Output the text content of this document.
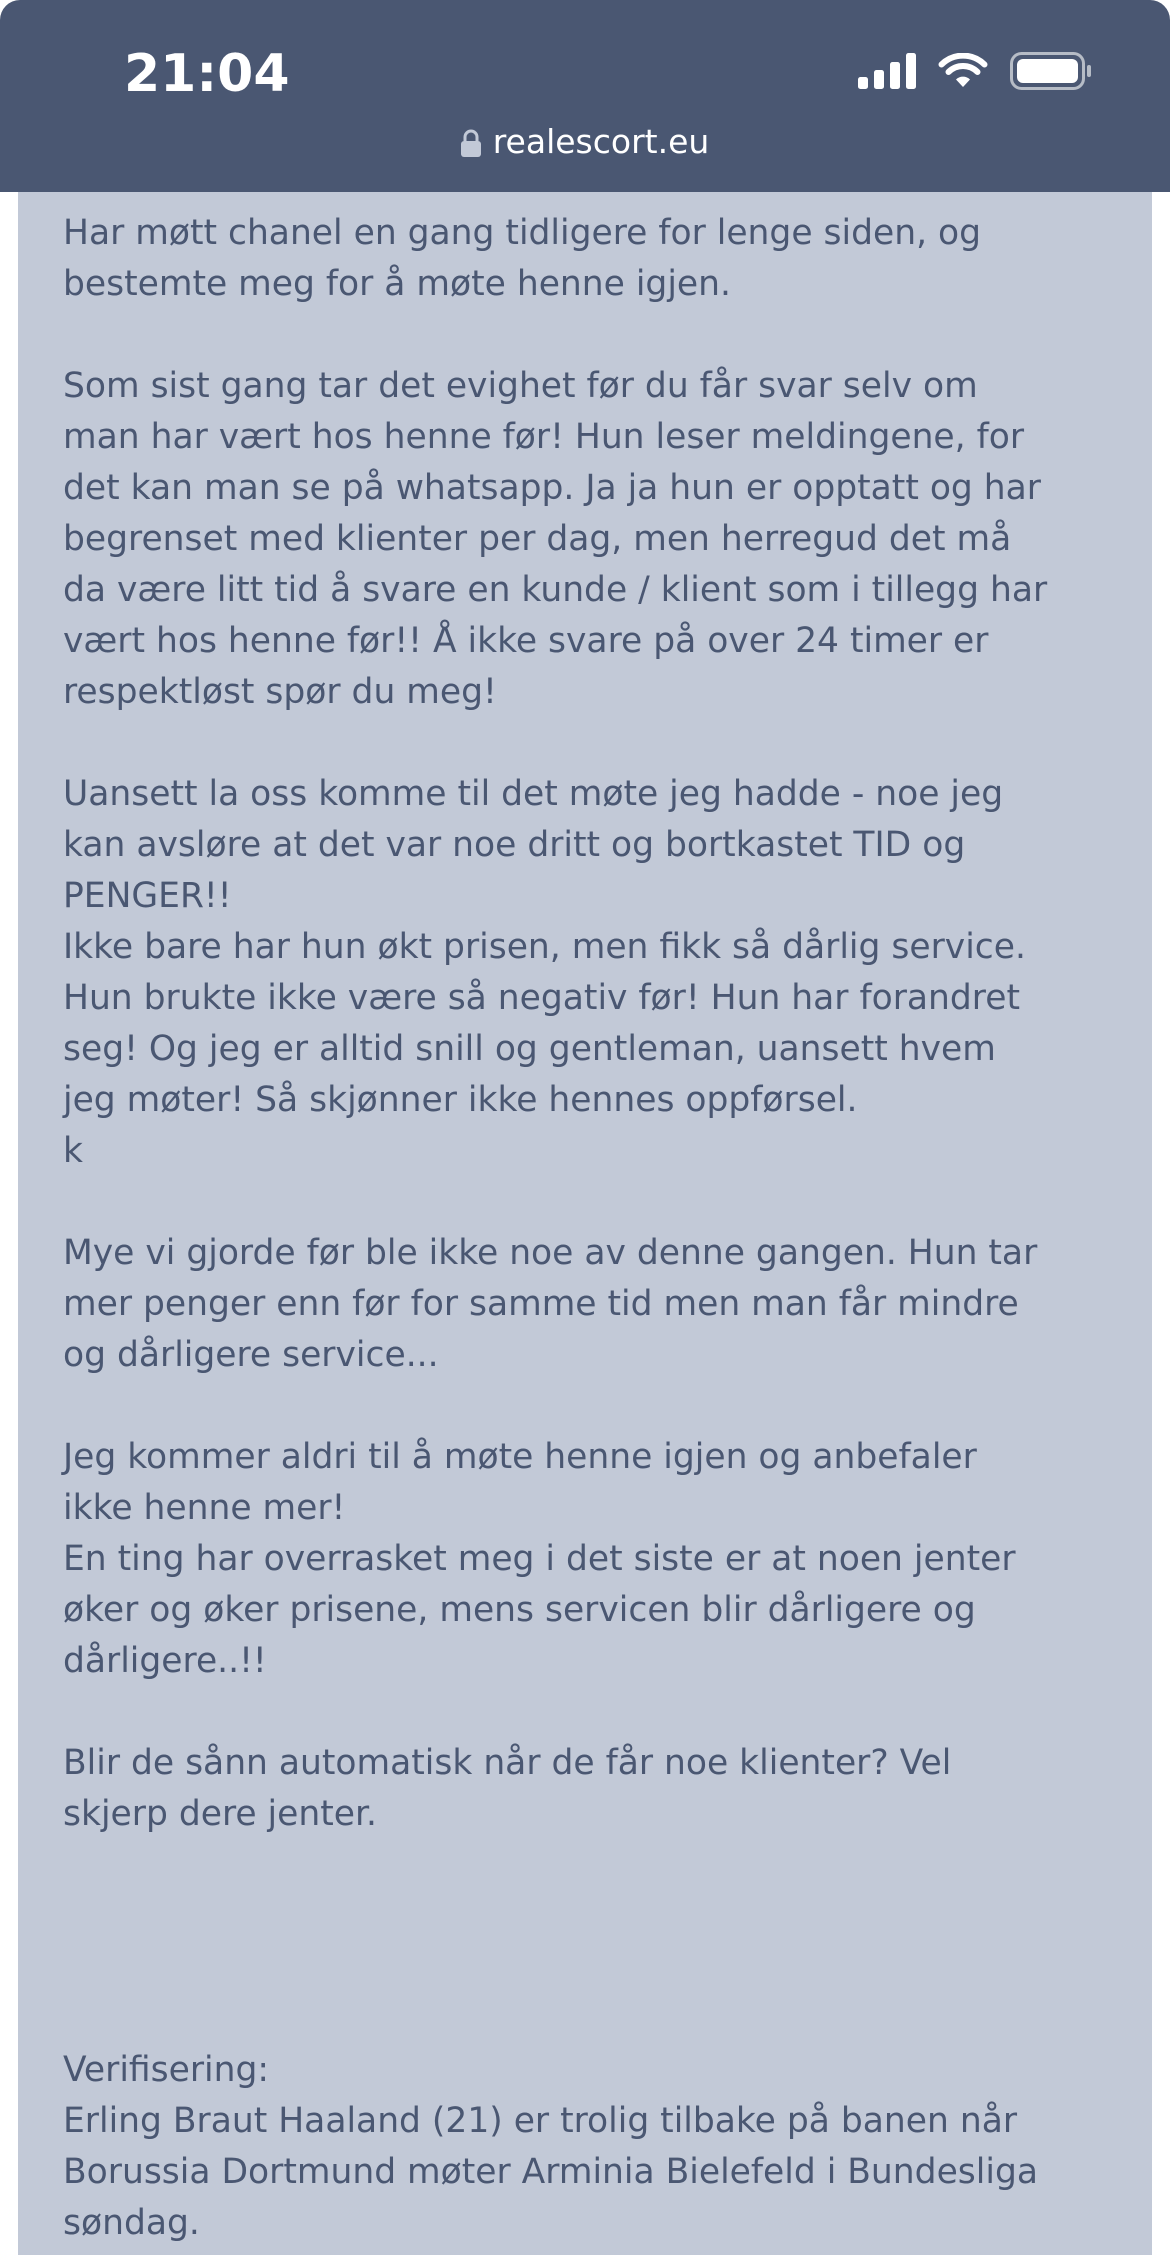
21:04
realescort.eu

Har møtt chanel en gang tidligere for lenge siden, og
bestemte meg for å møte henne igjen.

Som sist gang tar det evighet før du får svar selv om
man har vært hos henne før! Hun leser meldingene, for
det kan man se på whatsapp. Ja ja hun er opptatt og har
begrenset med klienter per dag, men herregud det må
da være litt tid å svare en kunde / klient som i tillegg har
vært hos henne før!! Å ikke svare på over 24 timer er
respektløst spør du meg!

Uansett la oss komme til det møte jeg hadde - noe jeg
kan avsløre at det var noe dritt og bortkastet TID og
PENGER!!
Ikke bare har hun økt prisen, men fikk så dårlig service.
Hun brukte ikke være så negativ før! Hun har forandret
seg! Og jeg er alltid snill og gentleman, uansett hvem
jeg møter! Så skjønner ikke hennes oppførsel.
k

Mye vi gjorde før ble ikke noe av denne gangen. Hun tar
mer penger enn før for samme tid men man får mindre
og dårligere service...

Jeg kommer aldri til å møte henne igjen og anbefaler
ikke henne mer!
En ting har overrasket meg i det siste er at noen jenter
øker og øker prisene, mens servicen blir dårligere og
dårligere..!!

Blir de sånn automatisk når de får noe klienter? Vel
skjerp dere jenter.

Verifisering:
Erling Braut Haaland (21) er trolig tilbake på banen når
Borussia Dortmund møter Arminia Bielefeld i Bundesliga
søndag.
